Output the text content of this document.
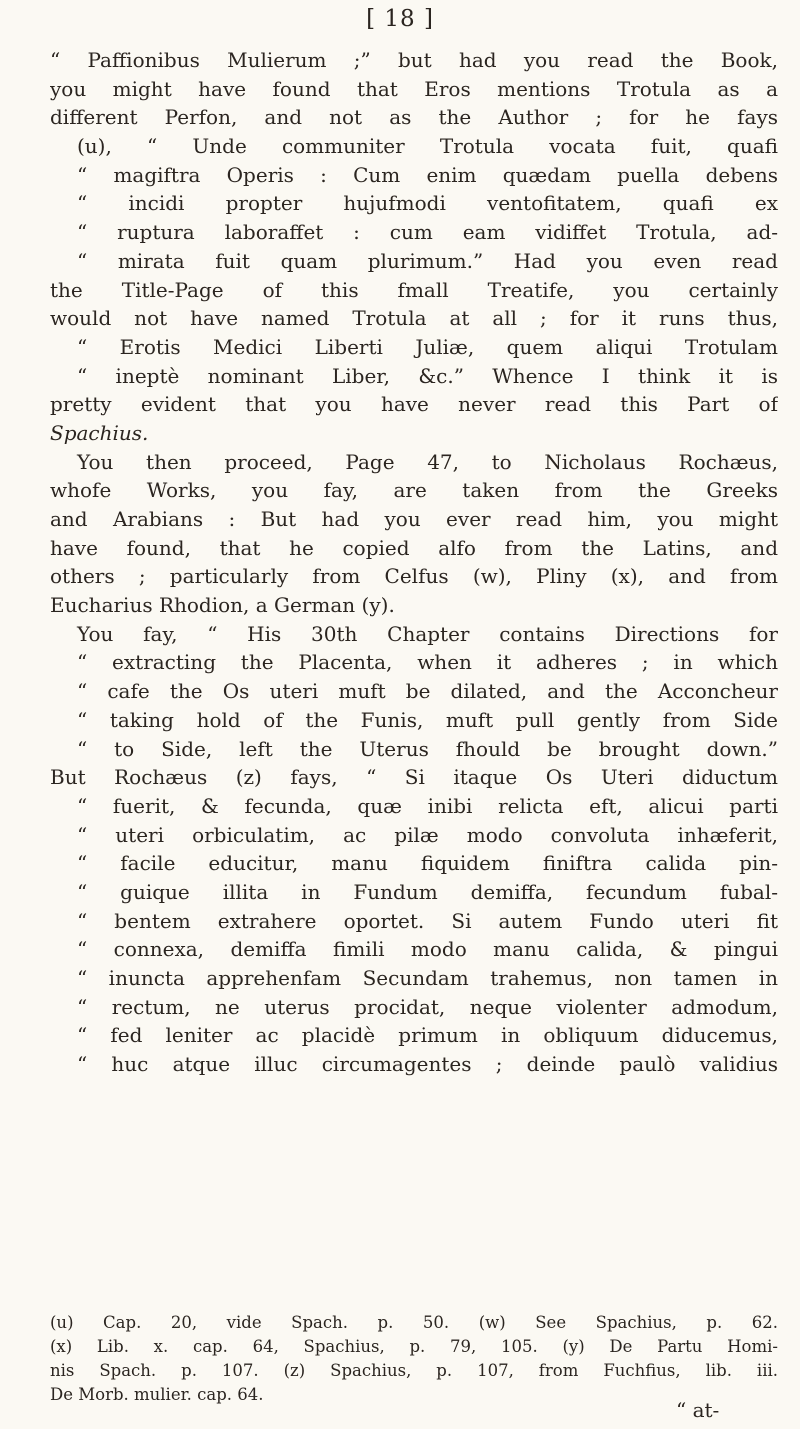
[ 18 ]
“ Paffionibus Mulierum ;” but had you read the Book,
you might have found that Eros mentions Trotula as a
different Perfon, and not as the Author ; for he fays
(u), “ Unde communiter Trotula vocata fuit, quafi
“ magiftra Operis : Cum enim quædam puella debens
“ incidi propter hujufmodi ventofitatem, quafi ex
“ ruptura laboraffet : cum eam vidiffet Trotula, ad-
“ mirata fuit quam plurimum.” Had you even read
the Title-Page of this fmall Treatife, you certainly
would not have named Trotula at all ; for it runs thus,
“ Erotis Medici Liberti Juliæ, quem aliqui Trotulam
“ ineptè nominant Liber, &c.” Whence I think it is
pretty evident that you have never read this Part of
Spachius.
You then proceed, Page 47, to Nicholaus Rochæus,
whofe Works, you fay, are taken from the Greeks
and Arabians : But had you ever read him, you might
have found, that he copied alfo from the Latins, and
others ; particularly from Celfus (w), Pliny (x), and from
Eucharius Rhodion, a German (y).
You fay, “ His 30th Chapter contains Directions for
“ extracting the Placenta, when it adheres ; in which
“ cafe the Os uteri muft be dilated, and the Acconcheur
“ taking hold of the Funis, muft pull gently from Side
“ to Side, left the Uterus fhould be brought down.”
But Rochæus (z) fays, “ Si itaque Os Uteri diductum
“ fuerit, & fecunda, quæ inibi relicta eft, alicui parti
“ uteri orbiculatim, ac pilæ modo convoluta inhæferit,
“ facile educitur, manu fiquidem finiftra calida pin-
“ guique illita in Fundum demiffa, fecundum fubal-
“ bentem extrahere oportet. Si autem Fundo uteri fit
“ connexa, demiffa fimili modo manu calida, & pingui
“ inuncta apprehenfam Secundam trahemus, non tamen in
“ rectum, ne uterus procidat, neque violenter admodum,
“ fed leniter ac placidè primum in obliquum diducemus,
“ huc atque illuc circumagentes ; deinde paulò validius
(u) Cap. 20, vide Spach. p. 50. (w) See Spachius, p. 62.
(x) Lib. x. cap. 64, Spachius, p. 79, 105. (y) De Partu Homi-
nis Spach. p. 107. (z) Spachius, p. 107, from Fuchfius, lib. iii.
De Morb. mulier. cap. 64.
“ at-
